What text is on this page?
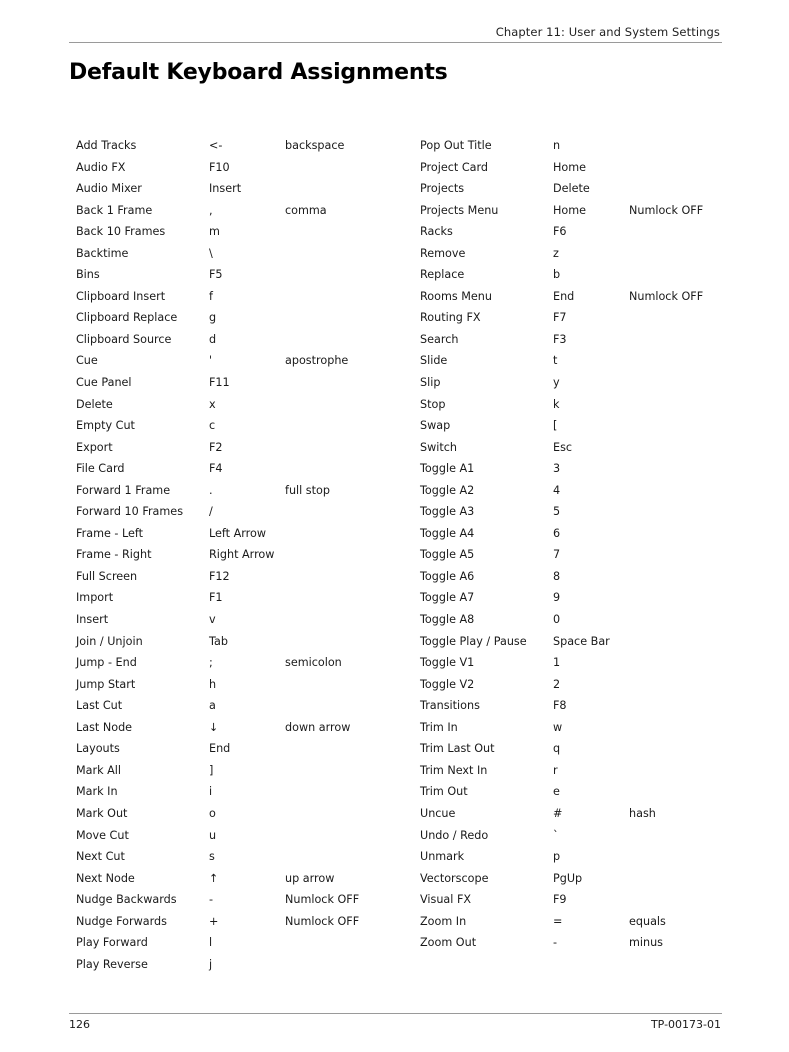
Chapter 11: User and System Settings
Default Keyboard Assignments
Add Tracks	<-	backspace
Audio FX	F10
Audio Mixer	Insert
Back 1 Frame	,	comma
Back 10 Frames	m
Backtime	\
Bins	F5
Clipboard Insert	f
Clipboard Replace	g
Clipboard Source	d
Cue	'	apostrophe
Cue Panel	F11
Delete	x
Empty Cut	c
Export	F2
File Card	F4
Forward 1 Frame	.	full stop
Forward 10 Frames /
Frame - Left	Left Arrow
Frame - Right	Right Arrow
Full Screen	F12
Import	F1
Insert	v
Join / Unjoin	Tab
Jump - End	;	semicolon
Jump Start	h
Last Cut	a
Last Node	↓	down arrow
Layouts	End
Mark All	]
Mark In	i
Mark Out	o
Move Cut	u
Next Cut	s
Next Node	↑	up arrow
Nudge Backwards	-	Numlock OFF
Nudge Forwards	+	Numlock OFF
Play Forward	l
Play Reverse	j
Pop Out Title	n
Project Card	Home
Projects	Delete
Projects Menu	Home	Numlock OFF
Racks	F6
Remove	z
Replace	b
Rooms Menu	End	Numlock OFF
Routing FX	F7
Search	F3
Slide	t
Slip	y
Stop	k
Swap	[
Switch	Esc
Toggle A1	3
Toggle A2	4
Toggle A3	5
Toggle A4	6
Toggle A5	7
Toggle A6	8
Toggle A7	9
Toggle A8	0
Toggle Play / Pause Space Bar
Toggle V1	1
Toggle V2	2
Transitions	F8
Trim In	w
Trim Last Out	q
Trim Next In	r
Trim Out	e
Uncue	#	hash
Undo / Redo	`
Unmark	p
Vectorscope	PgUp
Visual FX	F9
Zoom In	=	equals
Zoom Out	-	minus
126	TP-00173-01
